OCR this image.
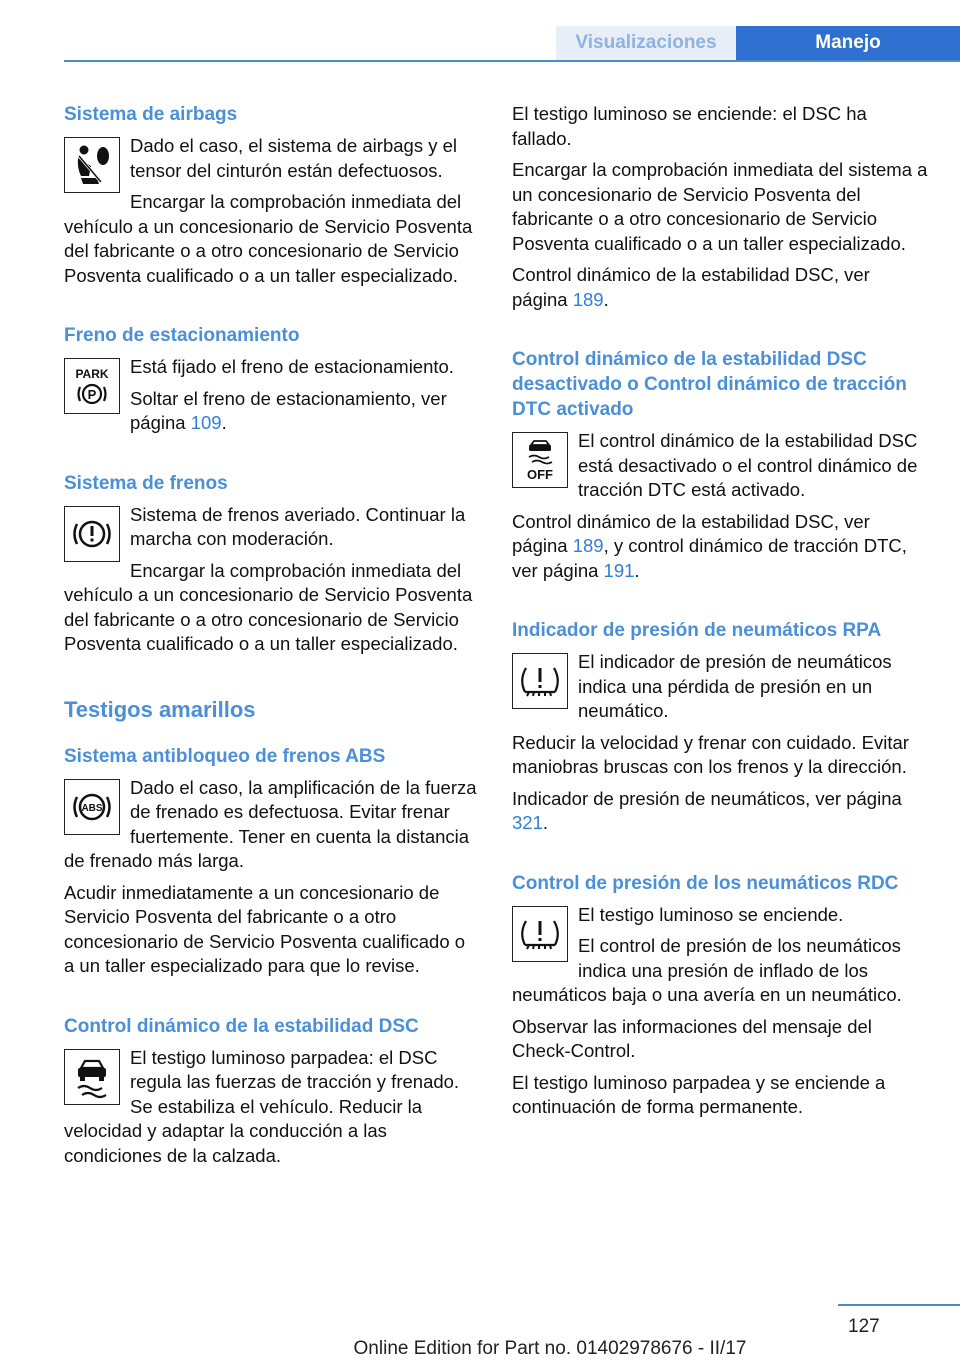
Visualizaciones	Manejo
Sistema de airbags
Dado el caso, el sistema de airbags y el tensor del cinturón están defectuosos.
Encargar la comprobación inmediata del vehículo a un concesionario de Servicio Posventa del fabricante o a otro concesionario de Servicio Posventa cualificado o a un taller especializado.
Freno de estacionamiento
PARK
P
Está fijado el freno de estacionamiento.
Soltar el freno de estacionamiento, ver página 109.
Sistema de frenos
Sistema de frenos averiado. Continuar la marcha con moderación.
Encargar la comprobación inmediata del vehículo a un concesionario de Servicio Posventa del fabricante o a otro concesionario de Servicio Posventa cualificado o a un taller especializado.
Testigos amarillos
Sistema antibloqueo de frenos ABS
ABS
Dado el caso, la amplificación de la fuerza de frenado es defectuosa. Evitar frenar fuertemente. Tener en cuenta la distancia de frenado más larga.
Acudir inmediatamente a un concesionario de Servicio Posventa del fabricante o a otro concesionario de Servicio Posventa cualificado o a un taller especializado para que lo revise.
Control dinámico de la estabilidad DSC
El testigo luminoso parpadea: el DSC regula las fuerzas de tracción y frenado. Se estabiliza el vehículo. Reducir la velocidad y adaptar la conducción a las condiciones de la calzada.
El testigo luminoso se enciende: el DSC ha fallado.
Encargar la comprobación inmediata del sistema a un concesionario de Servicio Posventa del fabricante o a otro concesionario de Servicio Posventa cualificado o a un taller especializado.
Control dinámico de la estabilidad DSC, ver página 189.
Control dinámico de la estabilidad DSC desactivado o Control dinámico de tracción DTC activado
OFF
El control dinámico de la estabilidad DSC está desactivado o el control dinámico de tracción DTC está activado.
Control dinámico de la estabilidad DSC, ver página 189, y control dinámico de tracción DTC, ver página 191.
Indicador de presión de neumáticos RPA
El indicador de presión de neumáticos indica una pérdida de presión en un neumático.
Reducir la velocidad y frenar con cuidado. Evitar maniobras bruscas con los frenos y la dirección.
Indicador de presión de neumáticos, ver página 321.
Control de presión de los neumáticos RDC
El testigo luminoso se enciende.
El control de presión de los neumáticos indica una presión de inflado de los neumáticos baja o una avería en un neumático.
Observar las informaciones del mensaje del Check-Control.
El testigo luminoso parpadea y se enciende a continuación de forma permanente.
127
Online Edition for Part no. 01402978676 - II/17
